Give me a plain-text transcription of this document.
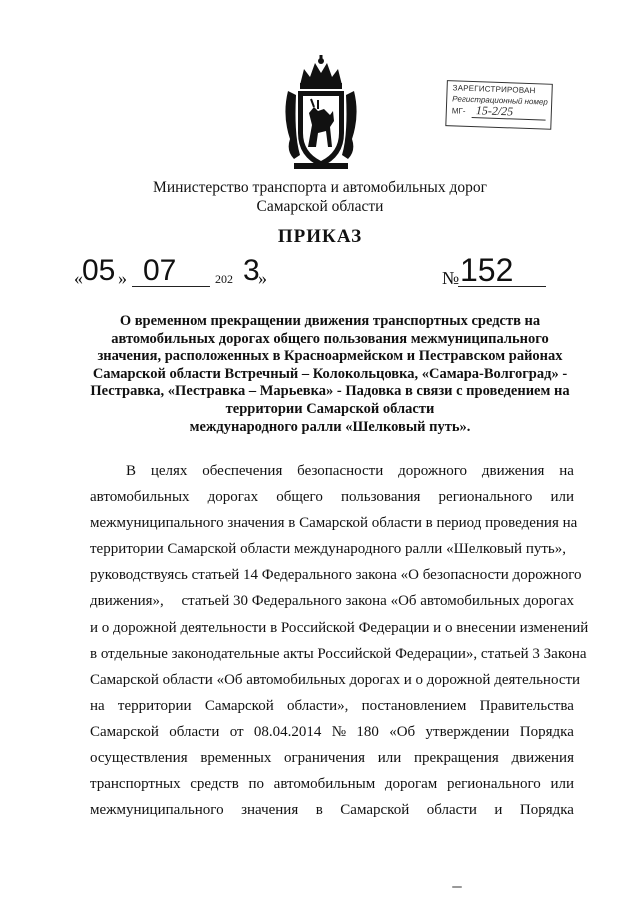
ЗАРЕГИСТРИРОВАН
Регистрационный номер
МГ- 15-2/25
Министерство транспорта и автомобильных дорог
Самарской области
ПРИКАЗ
« 05 » 07	202 3
»	№ 152
О временном прекращении движения транспортных средств на
автомобильных дорогах общего пользования межмуниципального
значения, расположенных в Красноармейском и Пестравском районах
Самарской области Встречный – Колокольцовка, «Самара-Волгоград» -
Пестравка, «Пестравка – Марьевка» - Падовка в связи с проведением на
территории Самарской области
международного ралли «Шелковый путь».
В целях обеспечения безопасности дорожного движения на
автомобильных дорогах общего пользования регионального или
межмуниципального значения в Самарской области в период проведения на
территории Самарской области международного ралли «Шелковый путь»,
руководствуясь статьей 14 Федерального закона «О безопасности дорожного
движения», статьей 30 Федерального закона «Об автомобильных дорогах
и о дорожной деятельности в Российской Федерации и о внесении изменений
в отдельные законодательные акты Российской Федерации», статьей 3 Закона
Самарской области «Об автомобильных дорогах и о дорожной деятельности
на территории Самарской области», постановлением Правительства
Самарской области от 08.04.2014 № 180 «Об утверждении Порядка
осуществления временных ограничения или прекращения движения
транспортных средств по автомобильным дорогам регионального или
межмуниципального значения в Самарской области и Порядка
